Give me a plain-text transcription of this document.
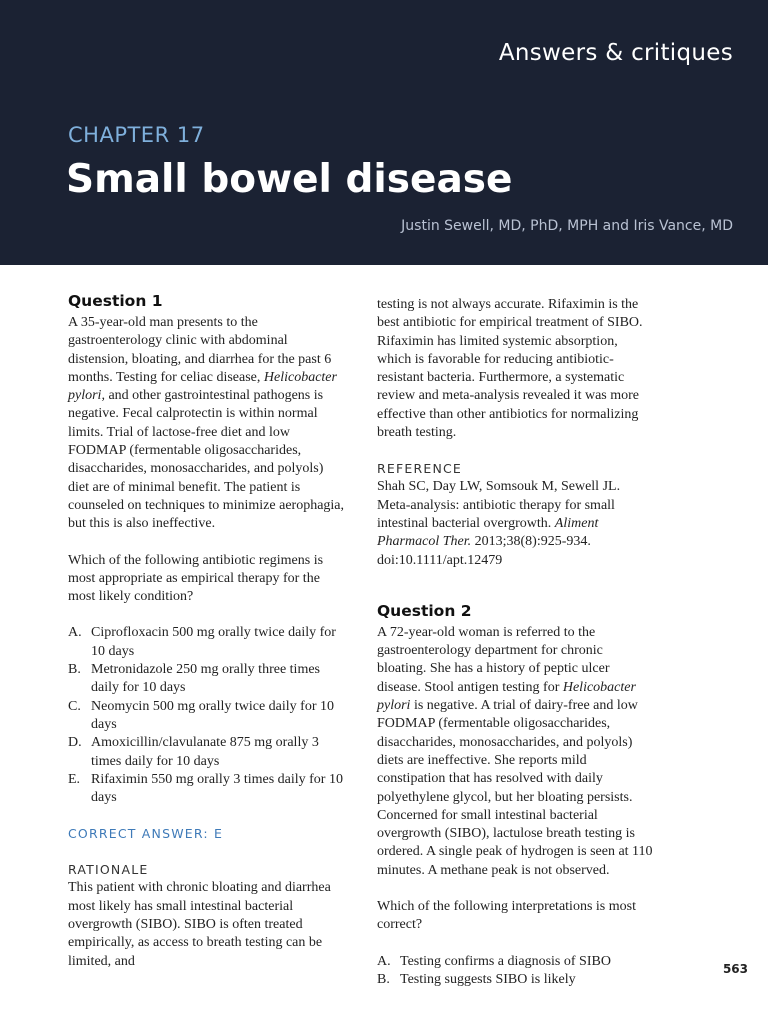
Answers & critiques
CHAPTER 17
Small bowel disease
Justin Sewell, MD, PhD, MPH and Iris Vance, MD
Question 1

A 35-year-old man presents to the gastroenterology clinic with abdominal distension, bloating, and diarrhea for the past 6 months. Testing for celiac disease, Helicobacter pylori, and other gastrointestinal pathogens is negative. Fecal calprotectin is within normal limits. Trial of lactose-free diet and low FODMAP (fermentable oligosaccharides, disaccharides, monosaccharides, and polyols) diet are of minimal benefit. The patient is counseled on techniques to minimize aerophagia, but this is also ineffective.

Which of the following antibiotic regimens is most appropriate as empirical therapy for the most likely condition?

A. Ciprofloxacin 500 mg orally twice daily for 10 days
B. Metronidazole 250 mg orally three times daily for 10 days
C. Neomycin 500 mg orally twice daily for 10 days
D. Amoxicillin/clavulanate 875 mg orally 3 times daily for 10 days
E. Rifaximin 550 mg orally 3 times daily for 10 days
CORRECT ANSWER: E
RATIONALE

This patient with chronic bloating and diarrhea most likely has small intestinal bacterial overgrowth (SIBO). SIBO is often treated empirically, as access to breath testing can be limited, and

testing is not always accurate. Rifaximin is the best antibiotic for empirical treatment of SIBO. Rifaximin has limited systemic absorption, which is favorable for reducing antibiotic-resistant bacteria. Furthermore, a systematic review and meta-analysis revealed it was more effective than other antibiotics for normalizing breath testing.

REFERENCE

Shah SC, Day LW, Somsouk M, Sewell JL. Meta-analysis: antibiotic therapy for small intestinal bacterial overgrowth. Aliment Pharmacol Ther. 2013;38(8):925-934. doi:10.1111/apt.12479

Question 2

A 72-year-old woman is referred to the gastroenterology department for chronic bloating. She has a history of peptic ulcer disease. Stool antigen testing for Helicobacter pylori is negative. A trial of dairy-free and low FODMAP (fermentable oligosaccharides, disaccharides, monosaccharides, and polyols) diets are ineffective. She reports mild constipation that has resolved with daily polyethylene glycol, but her bloating persists. Concerned for small intestinal bacterial overgrowth (SIBO), lactulose breath testing is ordered. A single peak of hydrogen is seen at 110 minutes. A methane peak is not observed.

Which of the following interpretations is most correct?

A. Testing confirms a diagnosis of SIBO
B. Testing suggests SIBO is likely
563
